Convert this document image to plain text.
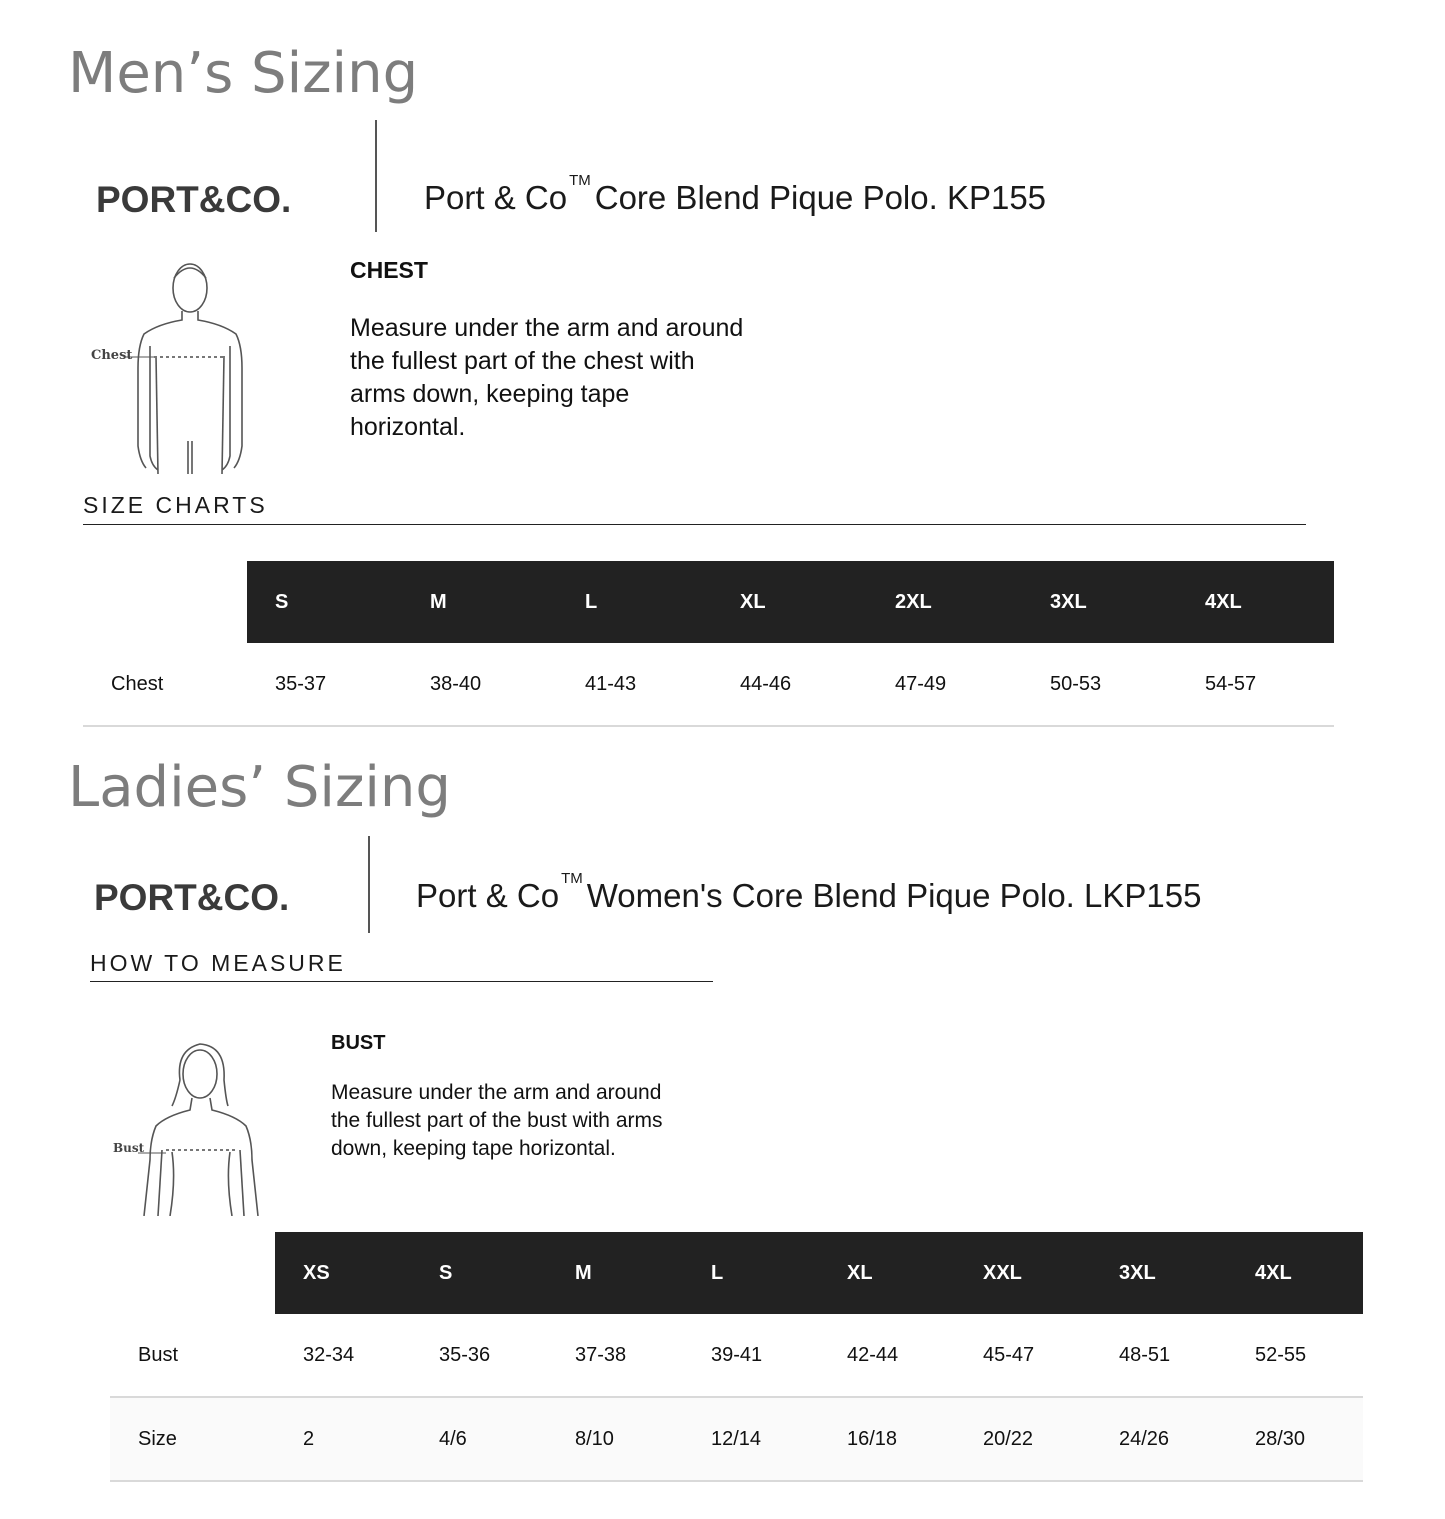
Men’s Sizing
PORT&CO.	Port & Co ™ Core Blend Pique Polo. KP155
Chest
CHEST
Measure under the arm and around the fullest part of the chest with arms down, keeping tape horizontal.
SIZE CHARTS
	S	M	L	XL	2XL	3XL	4XL
Chest	35-37	38-40	41-43	44-46	47-49	50-53	54-57
Ladies’ Sizing
PORT&CO.	Port & Co ™ Women's Core Blend Pique Polo. LKP155
HOW TO MEASURE
Bust
BUST
Measure under the arm and around the fullest part of the bust with arms down, keeping tape horizontal.
	XS	S	M	L	XL	XXL	3XL	4XL
Bust	32-34	35-36	37-38	39-41	42-44	45-47	48-51	52-55
Size	2	4/6	8/10	12/14	16/18	20/22	24/26	28/30
